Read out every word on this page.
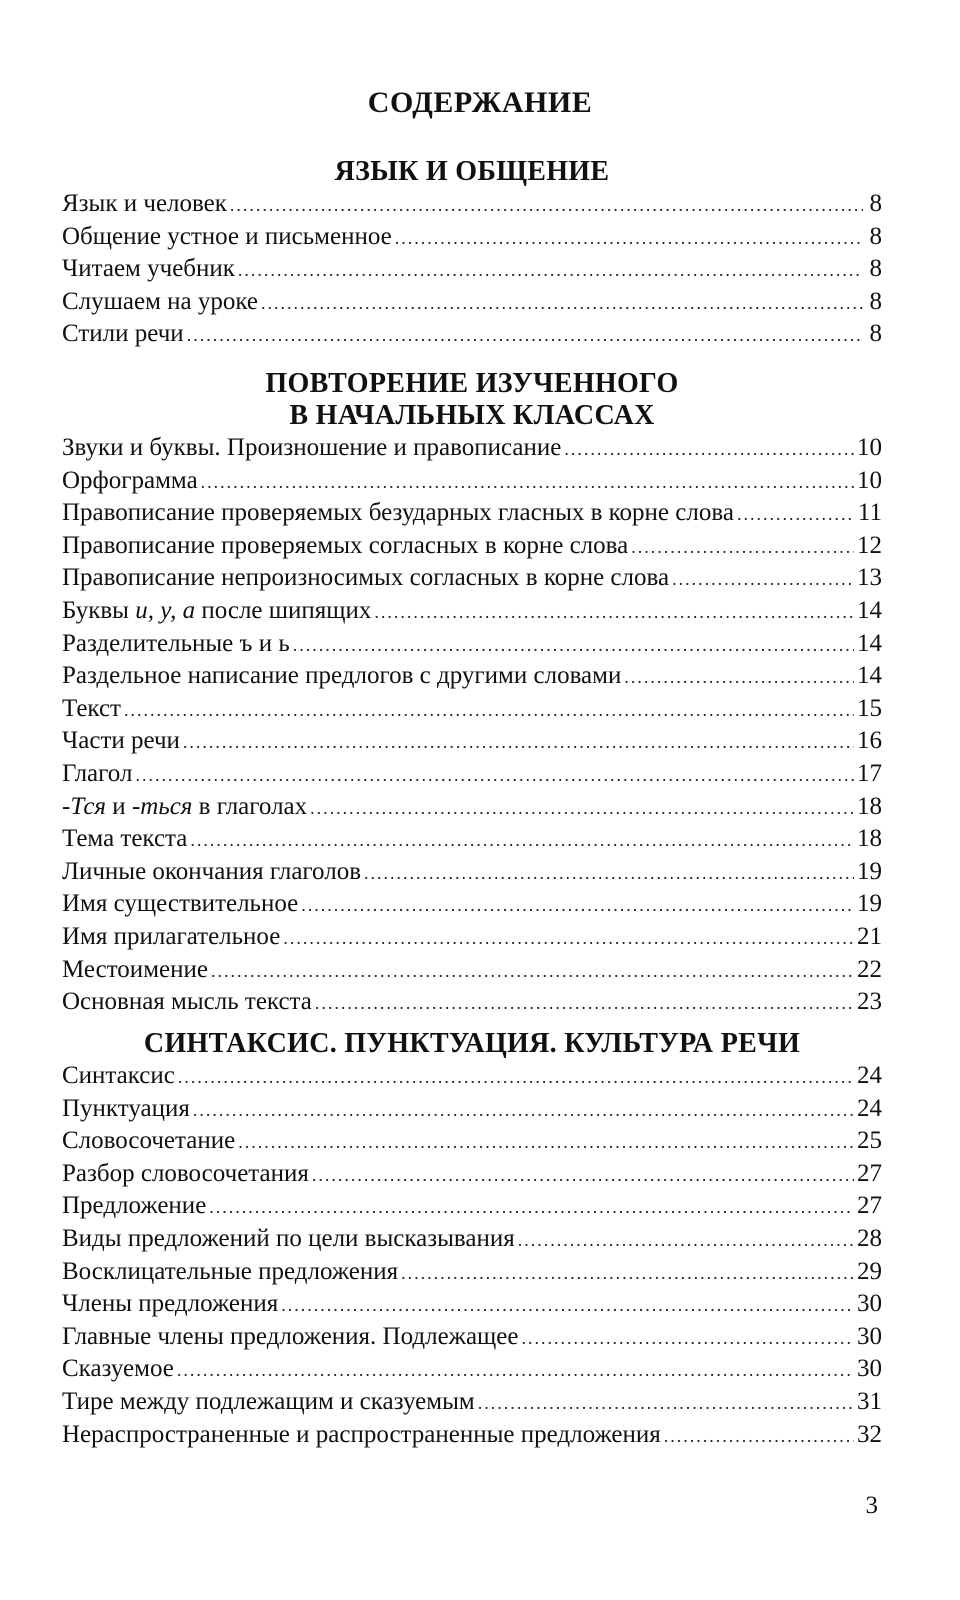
СОДЕРЖАНИЕ
ЯЗЫК И ОБЩЕНИЕ
Язык и человек .....	8
Общение устное и письменное .....	8
Читаем учебник .....	8
Слушаем на уроке .....	8
Стили речи .....	8
ПОВТОРЕНИЕ ИЗУЧЕННОГО
В НАЧАЛЬНЫХ КЛАССАХ
Звуки и буквы. Произношение и правописание .....	10
Орфограмма .....	10
Правописание проверяемых безударных гласных в корне слова .....	11
Правописание проверяемых согласных в корне слова .....	12
Правописание непроизносимых согласных в корне слова .....	13
Буквы и, у, а после шипящих .....	14
Разделительные ъ и ь .....	14
Раздельное написание предлогов с другими словами .....	14
Текст .....	15
Части речи .....	16
Глагол .....	17
-Тся и -ться в глаголах .....	18
Тема текста .....	18
Личные окончания глаголов .....	19
Имя существительное .....	19
Имя прилагательное .....	21
Местоимение .....	22
Основная мысль текста .....	23
СИНТАКСИС. ПУНКТУАЦИЯ. КУЛЬТУРА РЕЧИ
Синтаксис .....	24
Пунктуация .....	24
Словосочетание .....	25
Разбор словосочетания .....	27
Предложение .....	27
Виды предложений по цели высказывания .....	28
Восклицательные предложения .....	29
Члены предложения .....	30
Главные члены предложения. Подлежащее .....	30
Сказуемое .....	30
Тире между подлежащим и сказуемым .....	31
Нераспространенные и распространенные предложения .....	32

3
